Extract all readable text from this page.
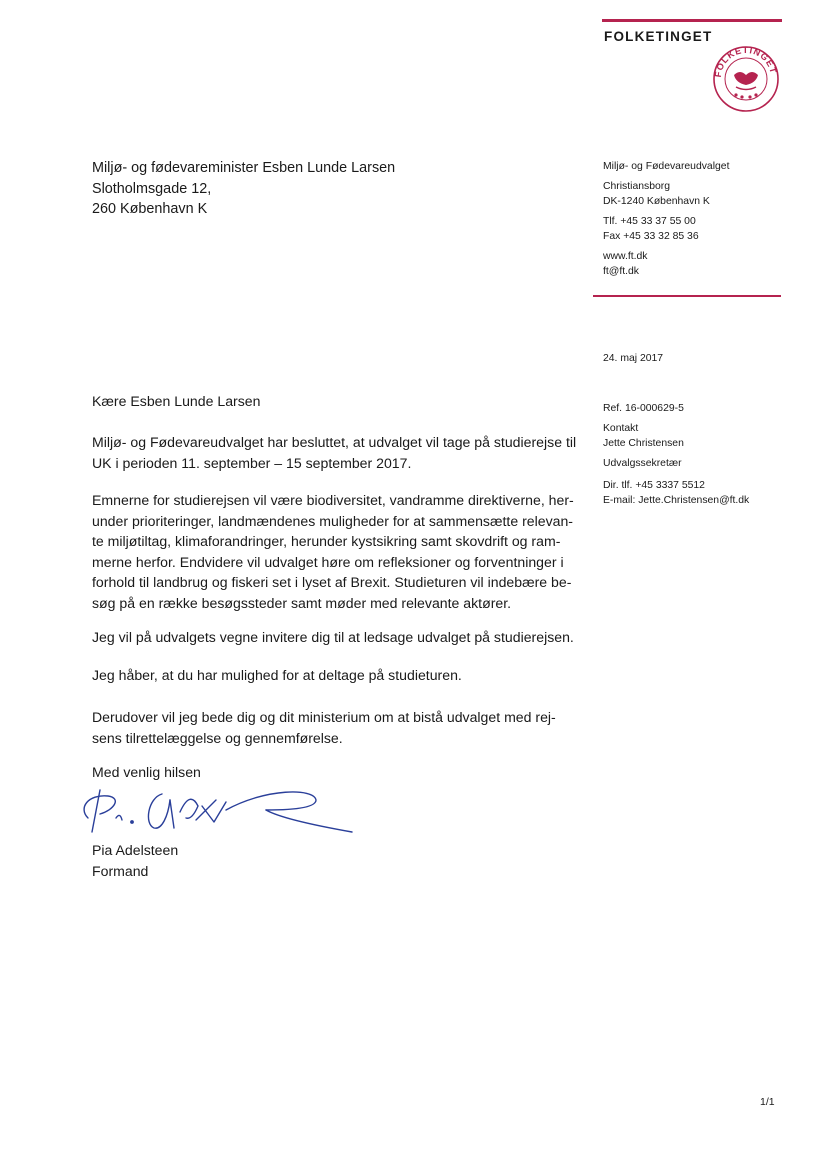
FOLKETINGET
FOLKETINGET
Miljø- og fødevareminister Esben Lunde Larsen
Slotholmsgade 12,
260 København K
Miljø- og Fødevareudvalget
Christiansborg
DK-1240 København K
Tlf. +45 33 37 55 00
Fax +45 33 32 85 36
www.ft.dk
ft@ft.dk
24. maj 2017
Ref. 16-000629-5
Kontakt
Jette Christensen
Udvalgssekretær
Dir. tlf. +45 3337 5512
E-mail: Jette.Christensen@ft.dk
Kære Esben Lunde Larsen
Miljø- og Fødevareudvalget har besluttet, at udvalget vil tage på studierejse til
UK i perioden 11. september – 15 september 2017.
Emnerne for studierejsen vil være biodiversitet, vandramme direktiverne, her-
under prioriteringer, landmændenes muligheder for at sammensætte relevan-
te miljøtiltag, klimaforandringer, herunder kystsikring samt skovdrift og ram-
merne herfor. Endvidere vil udvalget høre om refleksioner og forventninger i
forhold til landbrug og fiskeri set i lyset af Brexit. Studieturen vil indebære be-
søg på en række besøgssteder samt møder med relevante aktører.
Jeg vil på udvalgets vegne invitere dig til at ledsage udvalget på studierejsen.
Jeg håber, at du har mulighed for at deltage på studieturen.
Derudover vil jeg bede dig og dit ministerium om at bistå udvalget med rej-
sens tilrettelæggelse og gennemførelse.
Med venlig hilsen
Pia Adelsteen
Formand
1/1
